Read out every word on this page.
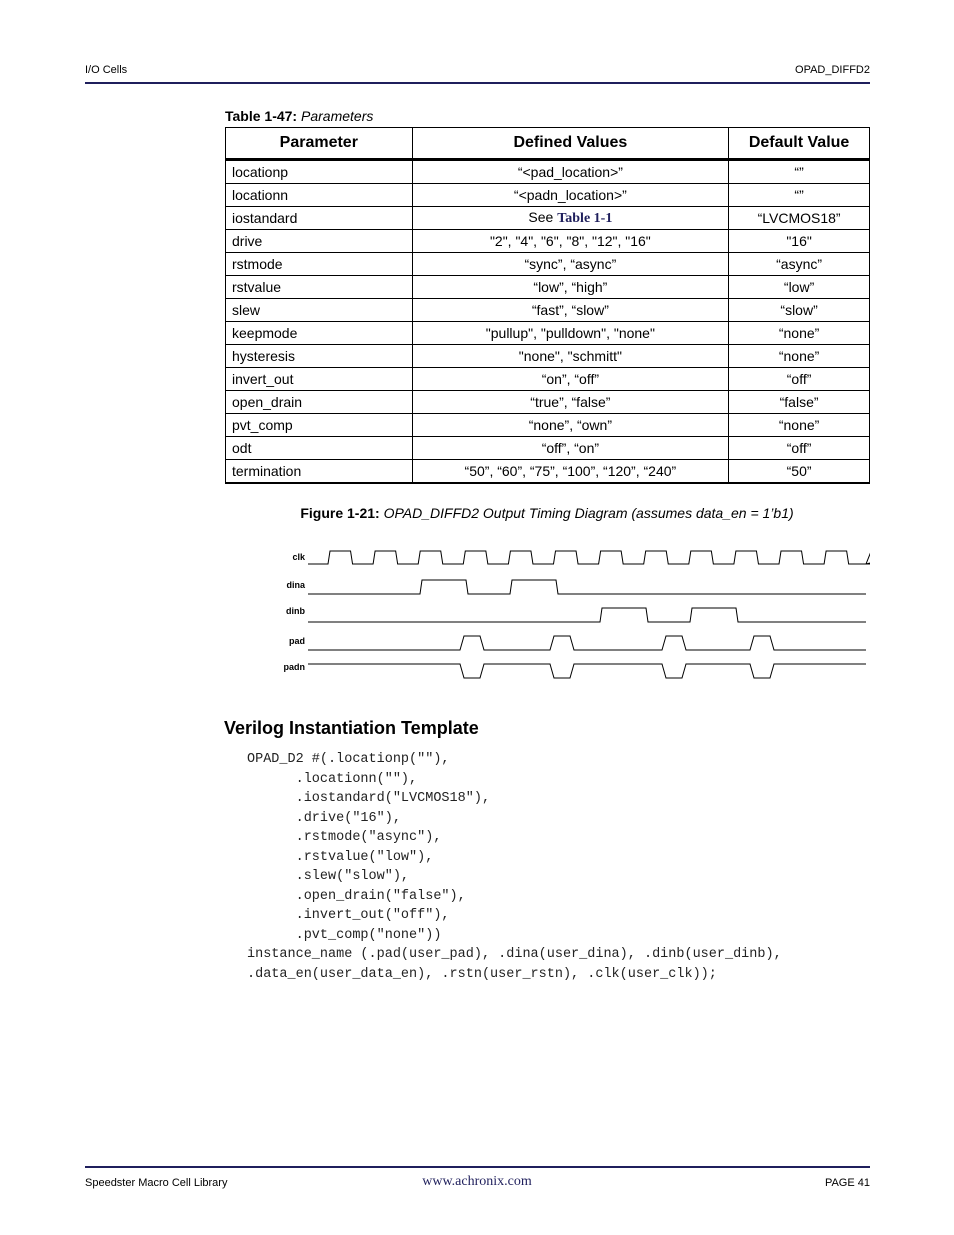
I/O Cells	OPAD_DIFFD2
Table 1-47: Parameters
Parameter	Defined Values	Default Value
locationp	“<pad_location>”	“”
locationn	“<padn_location>”	“”
iostandard	See Table 1-1	“LVCMOS18”
drive	"2", "4", "6", "8", "12", "16"	"16"
rstmode	“sync”, “async”	“async”
rstvalue	“low”, “high”	“low”
slew	“fast”, “slow”	“slow”
keepmode	"pullup", "pulldown", "none"	“none”
hysteresis	"none", "schmitt"	“none”
invert_out	“on”, “off”	“off”
open_drain	“true”, “false”	“false”
pvt_comp	“none”, “own”	“none”
odt	“off”, “on”	“off”
termination	“50”, “60”, “75”, “100”, “120”, “240”	“50”
Figure 1-21: OPAD_DIFFD2 Output Timing Diagram (assumes data_en = 1’b1)
clk
dina
dinb
pad
padn
Verilog Instantiation Template
OPAD_D2 #(.locationp(""),
.locationn(""),
.iostandard("LVCMOS18"),
.drive("16"),
.rstmode("async"),
.rstvalue("low"),
.slew("slow"),
.open_drain("false"),
.invert_out("off"),
.pvt_comp("none"))
instance_name (.pad(user_pad), .dina(user_dina), .dinb(user_dinb),
.data_en(user_data_en), .rstn(user_rstn), .clk(user_clk));
Speedster Macro Cell Library	www.achronix.com	PAGE 41
